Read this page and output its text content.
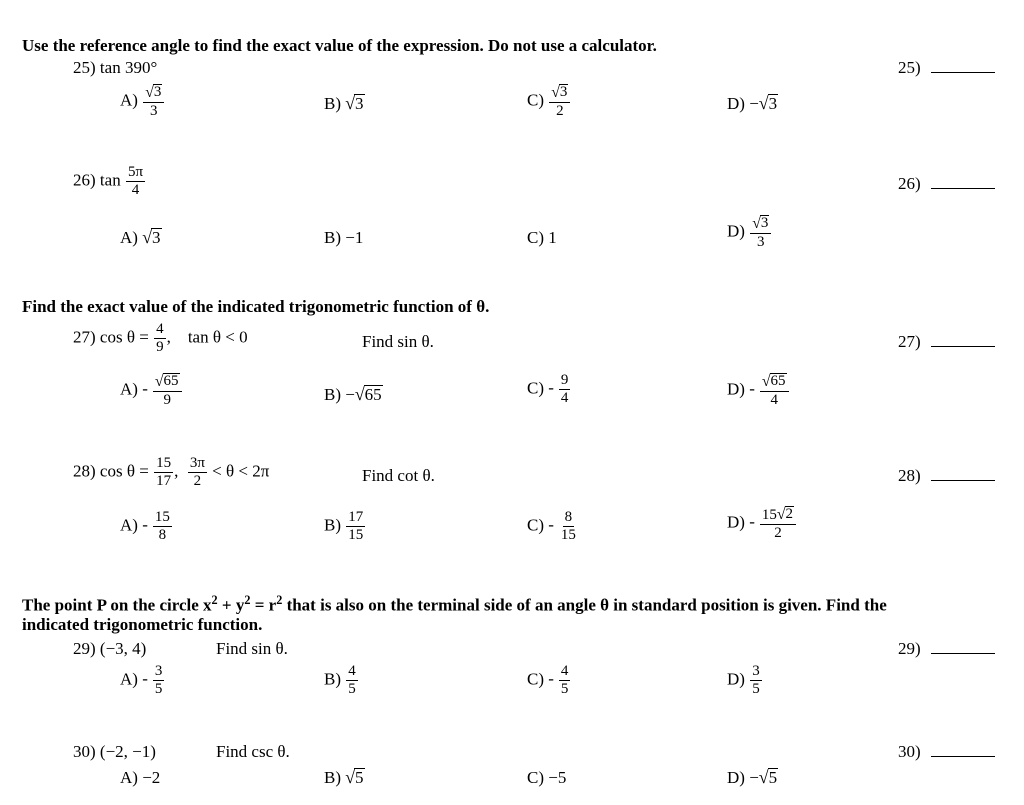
Use the reference angle to find the exact value of the expression. Do not use a calculator.
25) tan 390°	25)
$A) \frac{√ 3}{3}$	B) √ 3	$C) \frac{√ 3}{2}$	D) − √ 3
26) $\tan \frac{5\pi}{4}$	26)
A) √ 3	B) −1	C) 1	$D) \frac{√ 3}{3}$
Find the exact value of the indicated trigonometric function of θ.
27) $\cos \theta = \frac{4}{9}$ ,    tan θ < 0	Find sin θ.	27)
$A) - \frac{√ 65}{9}$	B) − √ 65	$C) - \frac{9}{4}$	$D) - \frac{√ 65}{4}$
28) $\cos \theta = \frac{15}{17}$ , $\frac{3\pi}{2} < \theta < 2\pi$	Find cot θ.	28)
$A) - \frac{15}{8}$	$B) \frac{17}{15}$	$C) - \frac{8}{15}$	$D) - \frac{15 √ 2}{2}$
The point P on the circle $x^2 + y^2 = r^2$ that is also on the terminal side of an angle θ in standard position is given. Find the
indicated trigonometric function.
29) (−3, 4)	Find sin θ.	29)
$A) - \frac{3}{5}$	$B) \frac{4}{5}$	$C) - \frac{4}{5}$	$D) \frac{3}{5}$
30) (−2, −1)	Find csc θ.	30)
A) −2	B) √ 5	C) −5	D) − √ 5
